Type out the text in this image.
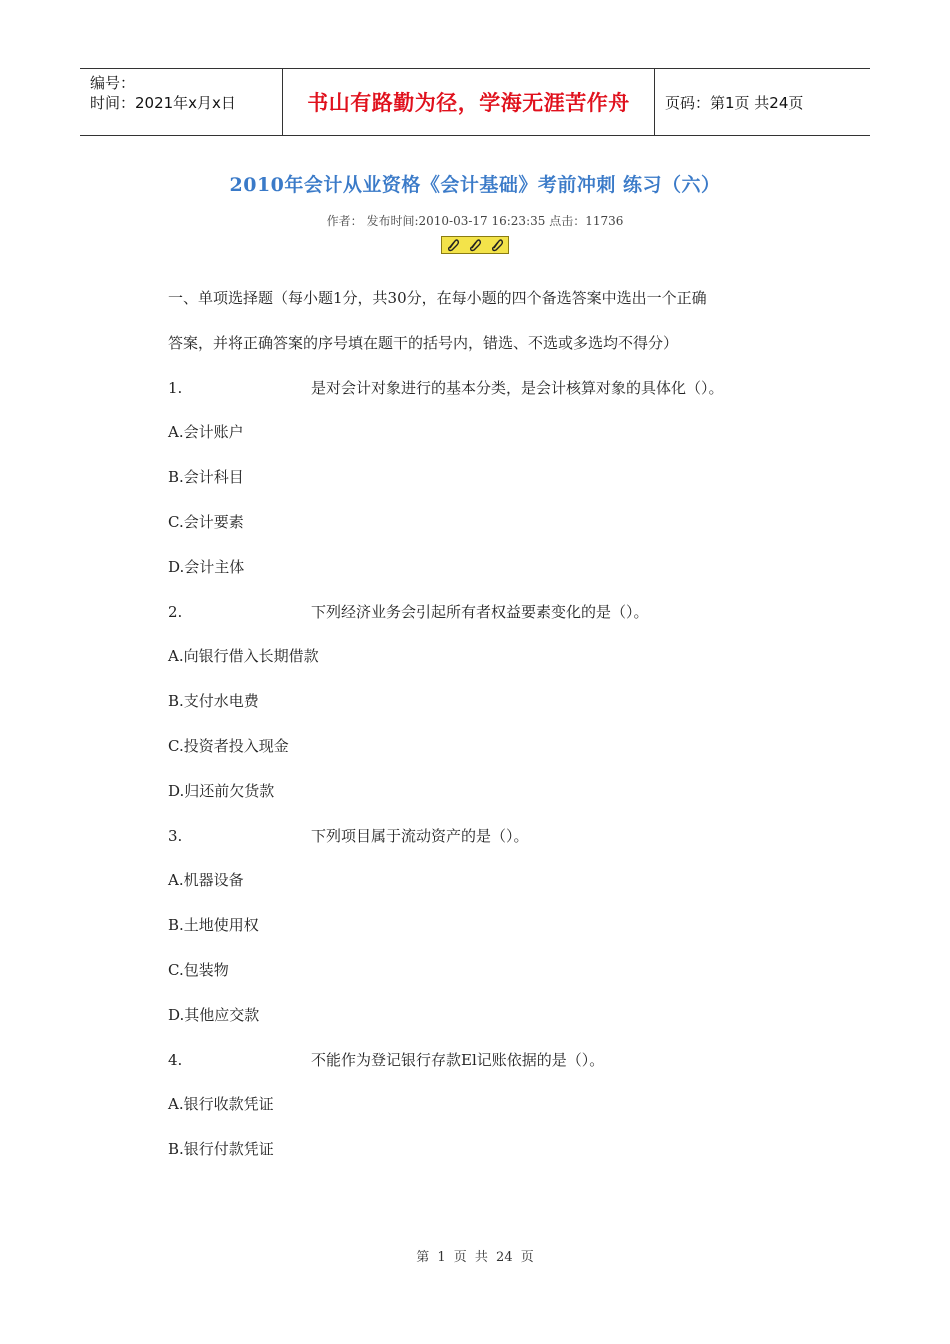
编号：
时间：2021年x月x日	书山有路勤为径，学海无涯苦作舟	页码：第1页 共24页
2010年会计从业资格《会计基础》考前冲刺 练习（六）
作者： 发布时间:2010-03-17 16:23:35 点击：11736
一、单项选择题（每小题1分，共30分，在每小题的四个备选答案中选出一个正确
答案，并将正确答案的序号填在题干的括号内，错选、不选或多选均不得分）
1.	是对会计对象进行的基本分类，是会计核算对象的具体化（）。
A.会计账户
B.会计科目
C.会计要素
D.会计主体
2.	下列经济业务会引起所有者权益要素变化的是（）。
A.向银行借入长期借款
B.支付水电费
C.投资者投入现金
D.归还前欠货款
3.	下列项目属于流动资产的是（）。
A.机器设备
B.土地使用权
C.包装物
D.其他应交款
4.	不能作为登记银行存款El记账依据的是（）。
A.银行收款凭证
B.银行付款凭证
第 1 页 共 24 页
